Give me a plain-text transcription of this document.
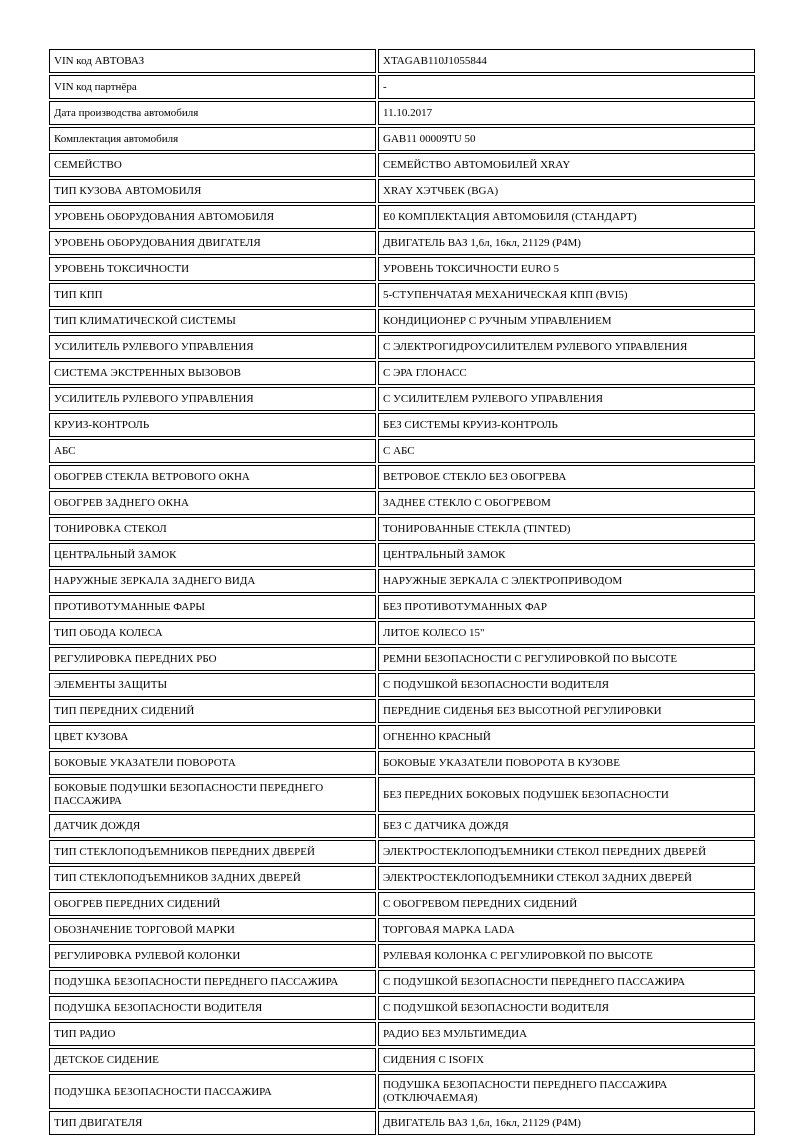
VIN код АВТОВАЗ	XTAGAB110J1055844
VIN код партнёра	-
Дата производства автомобиля	11.10.2017
Комплектация автомобиля	GAB11 00009TU 50
СЕМЕЙСТВО	СЕМЕЙСТВО АВТОМОБИЛЕЙ XRAY
ТИП КУЗОВА АВТОМОБИЛЯ	XRAY ХЭТЧБЕК (BGA)
УРОВЕНЬ ОБОРУДОВАНИЯ АВТОМОБИЛЯ	E0 КОМПЛЕКТАЦИЯ АВТОМОБИЛЯ (СТАНДАРТ)
УРОВЕНЬ ОБОРУДОВАНИЯ ДВИГАТЕЛЯ	ДВИГАТЕЛЬ ВАЗ 1,6л, 16кл, 21129 (P4M)
УРОВЕНЬ ТОКСИЧНОСТИ	УРОВЕНЬ ТОКСИЧНОСТИ EURO 5
ТИП КПП	5-СТУПЕНЧАТАЯ МЕХАНИЧЕСКАЯ КПП (BVI5)
ТИП КЛИМАТИЧЕСКОЙ СИСТЕМЫ	КОНДИЦИОНЕР С РУЧНЫМ УПРАВЛЕНИЕМ
УСИЛИТЕЛЬ РУЛЕВОГО УПРАВЛЕНИЯ	С ЭЛЕКТРОГИДРОУСИЛИТЕЛЕМ РУЛЕВОГО УПРАВЛЕНИЯ
СИСТЕМА ЭКСТРЕННЫХ ВЫЗОВОВ	С ЭРА ГЛОНАСС
УСИЛИТЕЛЬ РУЛЕВОГО УПРАВЛЕНИЯ	С УСИЛИТЕЛЕМ РУЛЕВОГО УПРАВЛЕНИЯ
КРУИЗ-КОНТРОЛЬ	БЕЗ СИСТЕМЫ КРУИЗ-КОНТРОЛЬ
АБС	С АБС
ОБОГРЕВ СТЕКЛА ВЕТРОВОГО ОКНА	ВЕТРОВОЕ СТЕКЛО БЕЗ ОБОГРЕВА
ОБОГРЕВ ЗАДНЕГО ОКНА	ЗАДНЕЕ СТЕКЛО С ОБОГРЕВОМ
ТОНИРОВКА СТЕКОЛ	ТОНИРОВАННЫЕ СТЕКЛА (TINTED)
ЦЕНТРАЛЬНЫЙ ЗАМОК	ЦЕНТРАЛЬНЫЙ ЗАМОК
НАРУЖНЫЕ ЗЕРКАЛА ЗАДНЕГО ВИДА	НАРУЖНЫЕ ЗЕРКАЛА С ЭЛЕКТРОПРИВОДОМ
ПРОТИВОТУМАННЫЕ ФАРЫ	БЕЗ ПРОТИВОТУМАННЫХ ФАР
ТИП ОБОДА КОЛЕСА	ЛИТОЕ КОЛЕСО 15"
РЕГУЛИРОВКА ПЕРЕДНИХ РБО	РЕМНИ БЕЗОПАСНОСТИ С РЕГУЛИРОВКОЙ ПО ВЫСОТЕ
ЭЛЕМЕНТЫ ЗАЩИТЫ	С ПОДУШКОЙ БЕЗОПАСНОСТИ ВОДИТЕЛЯ
ТИП ПЕРЕДНИХ СИДЕНИЙ	ПЕРЕДНИЕ СИДЕНЬЯ БЕЗ ВЫСОТНОЙ РЕГУЛИРОВКИ
ЦВЕТ КУЗОВА	ОГНЕННО КРАСНЫЙ
БОКОВЫЕ УКАЗАТЕЛИ ПОВОРОТА	БОКОВЫЕ УКАЗАТЕЛИ ПОВОРОТА В КУЗОВЕ
БОКОВЫЕ ПОДУШКИ БЕЗОПАСНОСТИ ПЕРЕДНЕГО ПАССАЖИРА	БЕЗ ПЕРЕДНИХ БОКОВЫХ ПОДУШЕК БЕЗОПАСНОСТИ
ДАТЧИК ДОЖДЯ	БЕЗ С ДАТЧИКА ДОЖДЯ
ТИП СТЕКЛОПОДЪЕМНИКОВ ПЕРЕДНИХ ДВЕРЕЙ	ЭЛЕКТРОСТЕКЛОПОДЪЕМНИКИ СТЕКОЛ ПЕРЕДНИХ ДВЕРЕЙ
ТИП СТЕКЛОПОДЪЕМНИКОВ ЗАДНИХ ДВЕРЕЙ	ЭЛЕКТРОСТЕКЛОПОДЪЕМНИКИ СТЕКОЛ ЗАДНИХ ДВЕРЕЙ
ОБОГРЕВ ПЕРЕДНИХ СИДЕНИЙ	С ОБОГРЕВОМ ПЕРЕДНИХ СИДЕНИЙ
ОБОЗНАЧЕНИЕ ТОРГОВОЙ МАРКИ	ТОРГОВАЯ МАРКА LADA
РЕГУЛИРОВКА РУЛЕВОЙ КОЛОНКИ	РУЛЕВАЯ КОЛОНКА С РЕГУЛИРОВКОЙ ПО ВЫСОТЕ
ПОДУШКА БЕЗОПАСНОСТИ ПЕРЕДНЕГО ПАССАЖИРА	С ПОДУШКОЙ БЕЗОПАСНОСТИ ПЕРЕДНЕГО ПАССАЖИРА
ПОДУШКА БЕЗОПАСНОСТИ ВОДИТЕЛЯ	С ПОДУШКОЙ БЕЗОПАСНОСТИ ВОДИТЕЛЯ
ТИП РАДИО	РАДИО БЕЗ МУЛЬТИМЕДИА
ДЕТСКОЕ СИДЕНИЕ	СИДЕНИЯ С ISOFIX
ПОДУШКА БЕЗОПАСНОСТИ ПАССАЖИРА	ПОДУШКА БЕЗОПАСНОСТИ ПЕРЕДНЕГО ПАССАЖИРА (ОТКЛЮЧАЕМАЯ)
ТИП ДВИГАТЕЛЯ	ДВИГАТЕЛЬ ВАЗ 1,6л, 16кл, 21129 (P4M)
